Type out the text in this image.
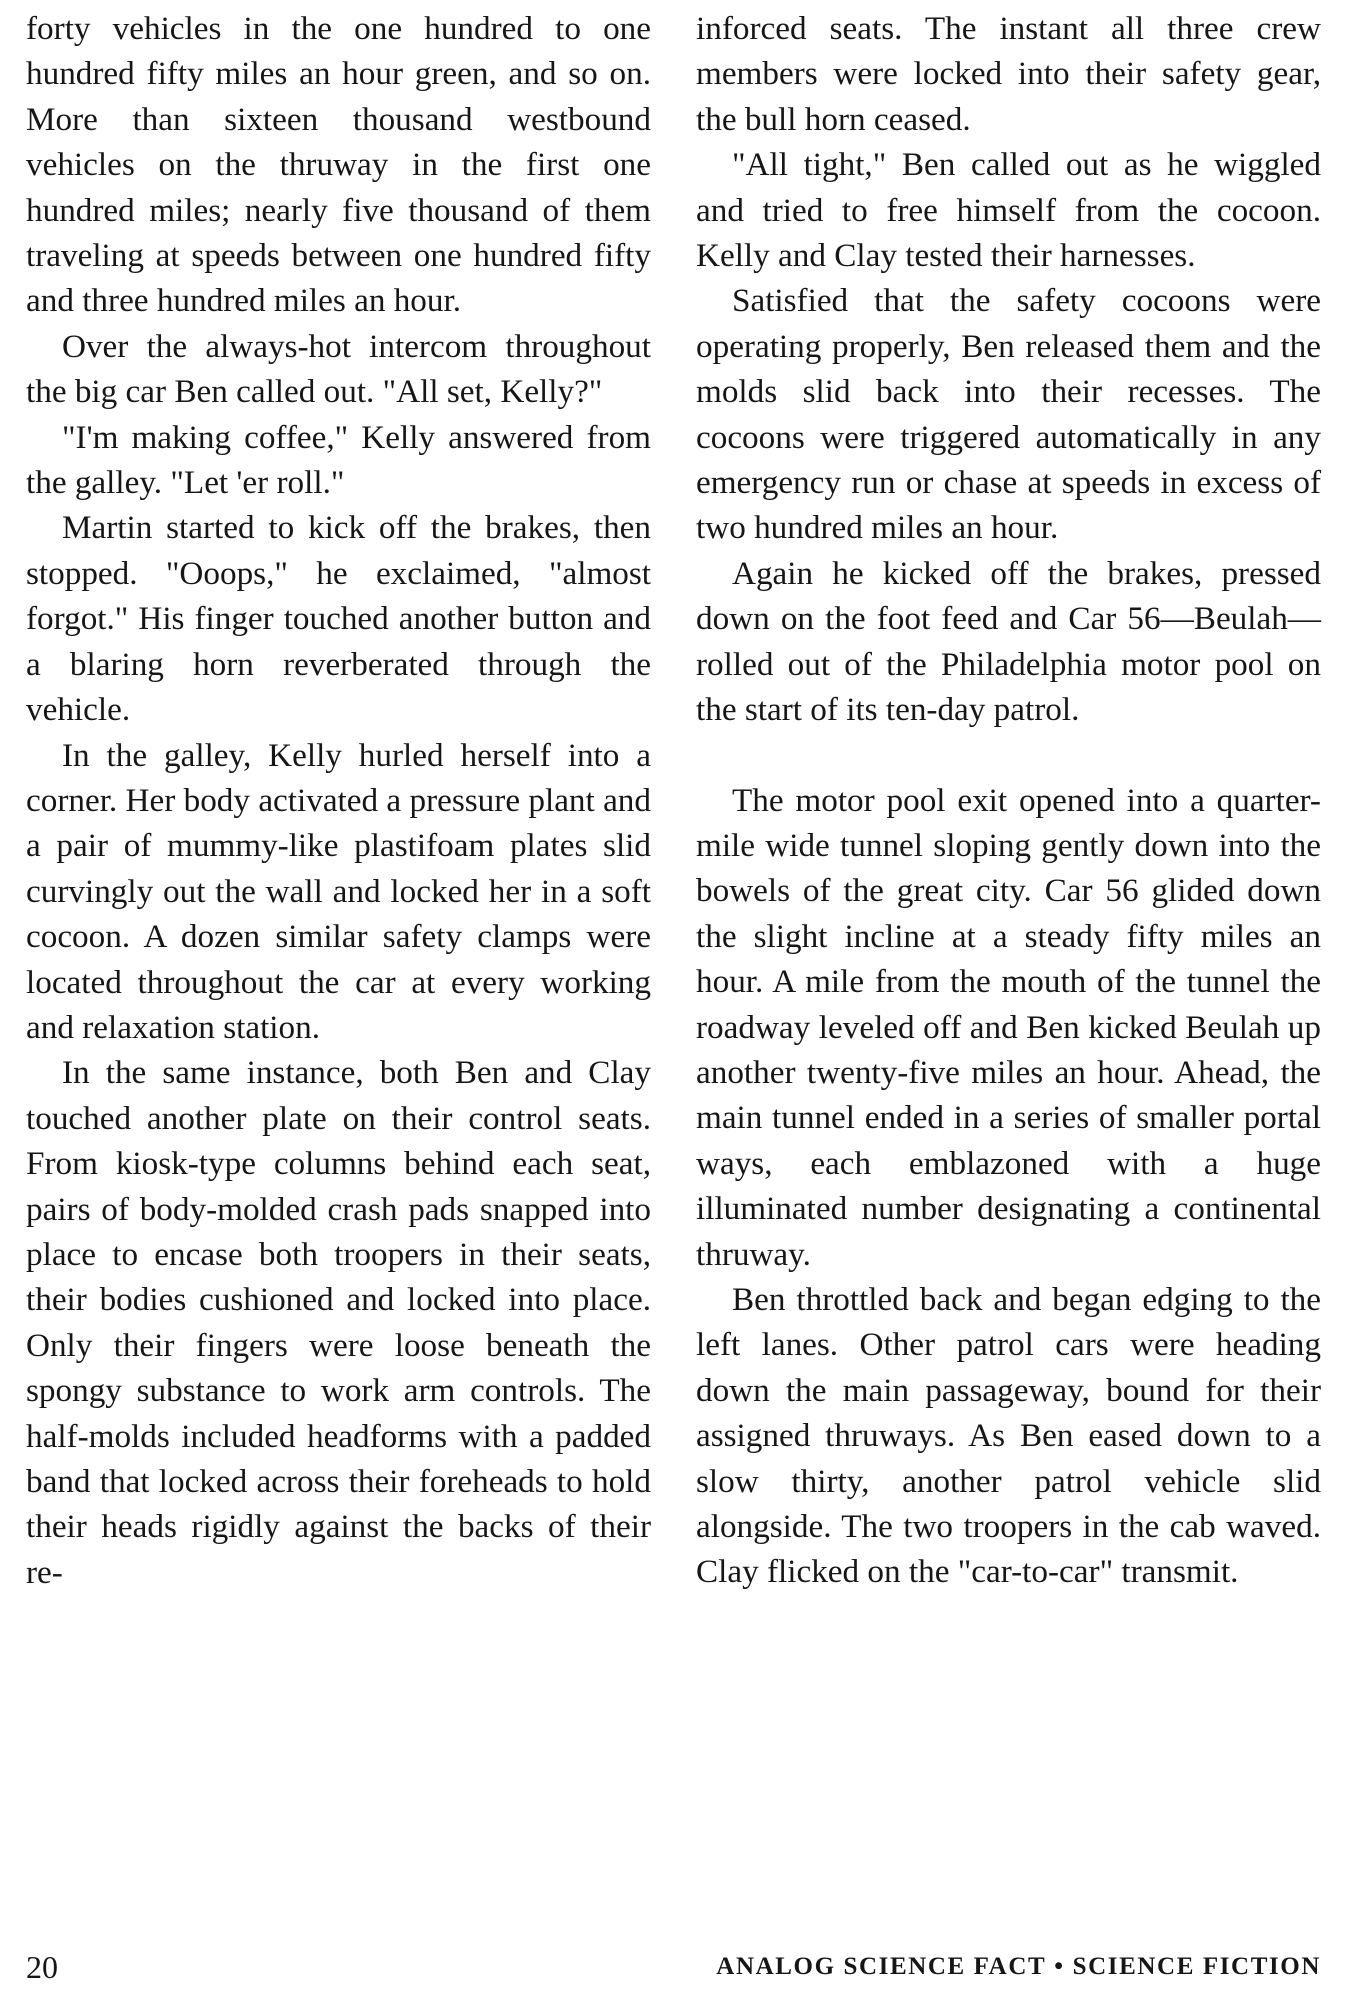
forty vehicles in the one hundred to one hundred fifty miles an hour green, and so on. More than sixteen thousand westbound vehicles on the thruway in the first one hundred miles; nearly five thousand of them traveling at speeds between one hundred fifty and three hundred miles an hour.

Over the always-hot intercom throughout the big car Ben called out. "All set, Kelly?"

"I'm making coffee," Kelly answered from the galley. "Let 'er roll."

Martin started to kick off the brakes, then stopped. "Ooops," he exclaimed, "almost forgot." His finger touched another button and a blaring horn reverberated through the vehicle.

In the galley, Kelly hurled herself into a corner. Her body activated a pressure plant and a pair of mummy-like plastifoam plates slid curvingly out the wall and locked her in a soft cocoon. A dozen similar safety clamps were located throughout the car at every working and relaxation station.

In the same instance, both Ben and Clay touched another plate on their control seats. From kiosk-type columns behind each seat, pairs of body-molded crash pads snapped into place to encase both troopers in their seats, their bodies cushioned and locked into place. Only their fingers were loose beneath the spongy substance to work arm controls. The half-molds included headforms with a padded band that locked across their foreheads to hold their heads rigidly against the backs of their re-

inforced seats. The instant all three crew members were locked into their safety gear, the bull horn ceased.

"All tight," Ben called out as he wiggled and tried to free himself from the cocoon. Kelly and Clay tested their harnesses.

Satisfied that the safety cocoons were operating properly, Ben released them and the molds slid back into their recesses. The cocoons were triggered automatically in any emergency run or chase at speeds in excess of two hundred miles an hour.

Again he kicked off the brakes, pressed down on the foot feed and Car 56—Beulah—rolled out of the Philadelphia motor pool on the start of its ten-day patrol.

The motor pool exit opened into a quarter-mile wide tunnel sloping gently down into the bowels of the great city. Car 56 glided down the slight incline at a steady fifty miles an hour. A mile from the mouth of the tunnel the roadway leveled off and Ben kicked Beulah up another twenty-five miles an hour. Ahead, the main tunnel ended in a series of smaller portal ways, each emblazoned with a huge illuminated number designating a continental thruway.

Ben throttled back and began edging to the left lanes. Other patrol cars were heading down the main passageway, bound for their assigned thruways. As Ben eased down to a slow thirty, another patrol vehicle slid alongside. The two troopers in the cab waved. Clay flicked on the "car-to-car" transmit.

20	ANALOG SCIENCE FACT • SCIENCE FICTION
